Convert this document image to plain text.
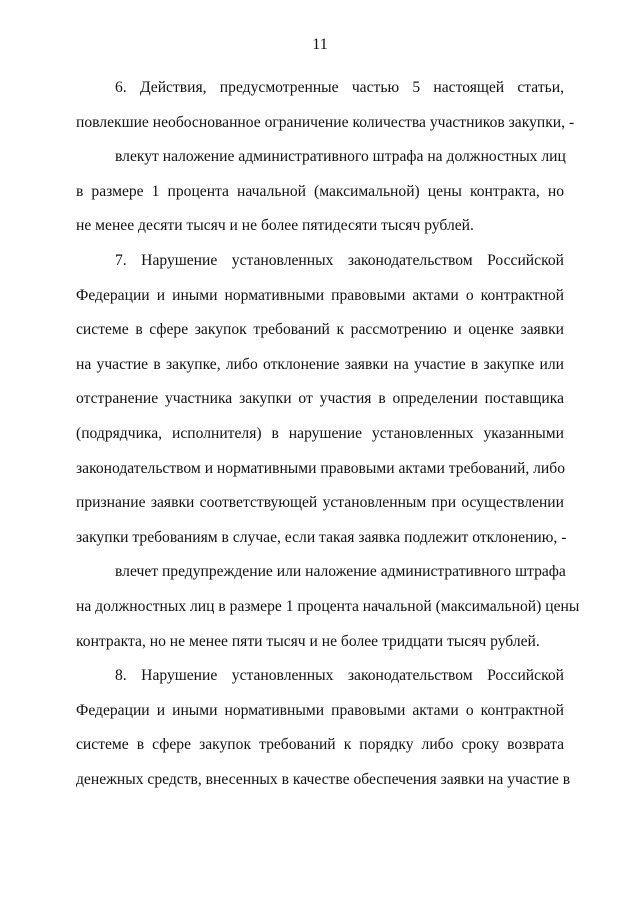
11
6. Действия, предусмотренные частью 5 настоящей статьи,
повлекшие необоснованное ограничение количества участников закупки, -
влекут наложение административного штрафа на должностных лиц
в размере 1 процента начальной (максимальной) цены контракта, но
не менее десяти тысяч и не более пятидесяти тысяч рублей.
7. Нарушение установленных законодательством Российской
Федерации и иными нормативными правовыми актами о контрактной
системе в сфере закупок требований к рассмотрению и оценке заявки
на участие в закупке, либо отклонение заявки на участие в закупке или
отстранение участника закупки от участия в определении поставщика
(подрядчика, исполнителя) в нарушение установленных указанными
законодательством и нормативными правовыми актами требований, либо
признание заявки соответствующей установленным при осуществлении
закупки требованиям в случае, если такая заявка подлежит отклонению, -
влечет предупреждение или наложение административного штрафа
на должностных лиц в размере 1 процента начальной (максимальной) цены
контракта, но не менее пяти тысяч и не более тридцати тысяч рублей.
8. Нарушение установленных законодательством Российской
Федерации и иными нормативными правовыми актами о контрактной
системе в сфере закупок требований к порядку либо сроку возврата
денежных средств, внесенных в качестве обеспечения заявки на участие в
